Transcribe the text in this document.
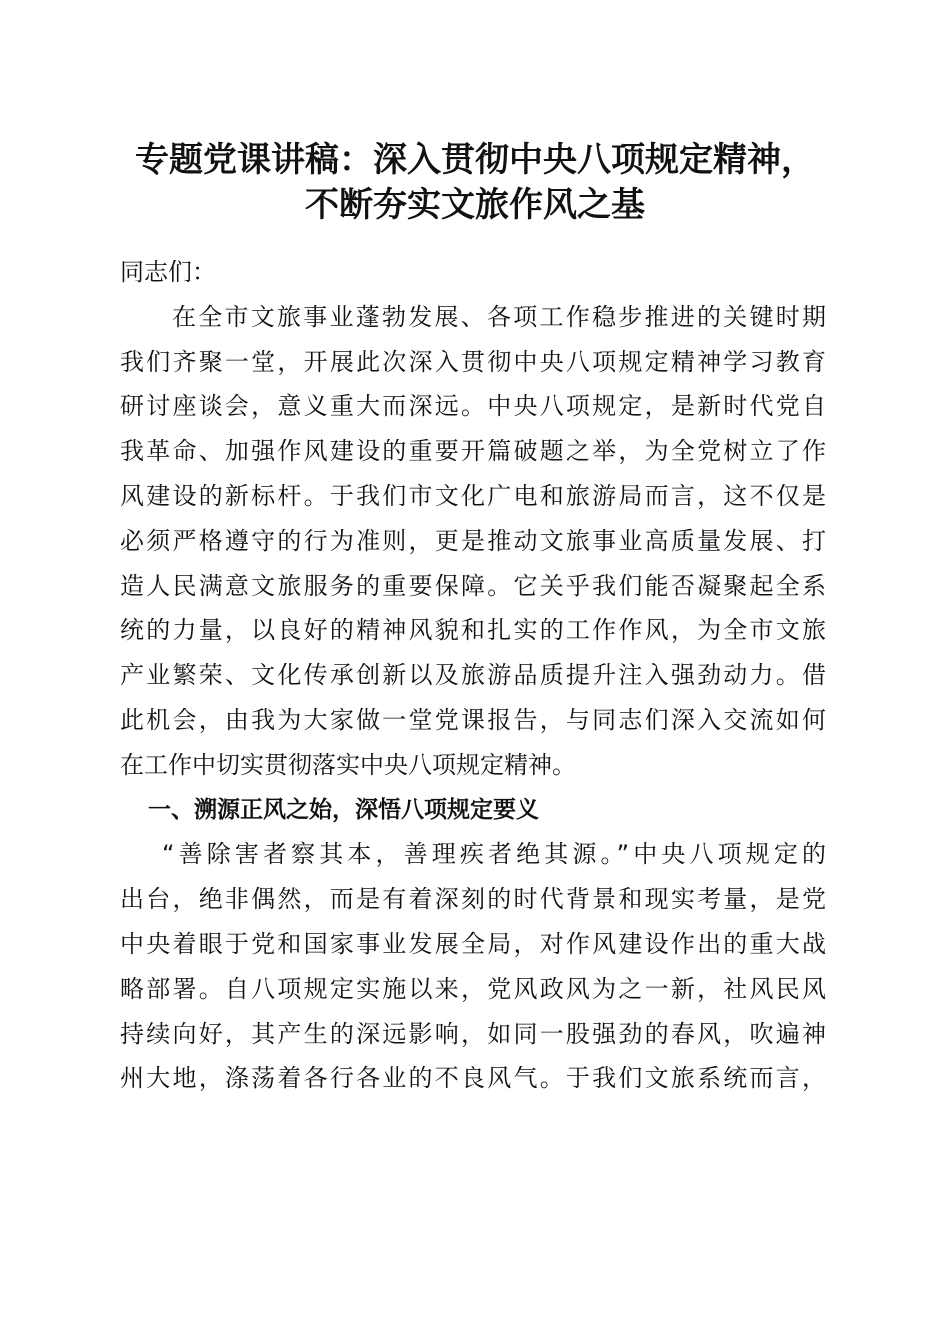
专题党课讲稿：深入贯彻中央八项规定精神，
不断夯实文旅作风之基
同志们：
在全市文旅事业蓬勃发展、各项工作稳步推进的关键时期
我们齐聚一堂，开展此次深入贯彻中央八项规定精神学习教育
研讨座谈会，意义重大而深远。中央八项规定，是新时代党自
我革命、加强作风建设的重要开篇破题之举，为全党树立了作
风建设的新标杆。于我们市文化广电和旅游局而言，这不仅是
必须严格遵守的行为准则，更是推动文旅事业高质量发展、打
造人民满意文旅服务的重要保障。它关乎我们能否凝聚起全系
统的力量，以良好的精神风貌和扎实的工作作风，为全市文旅
产业繁荣、文化传承创新以及旅游品质提升注入强劲动力。借
此机会，由我为大家做一堂党课报告，与同志们深入交流如何
在工作中切实贯彻落实中央八项规定精神。
一、溯源正风之始，深悟八项规定要义
“善除害者察其本，善理疾者绝其源。”中央八项规定的
出台，绝非偶然，而是有着深刻的时代背景和现实考量，是党
中央着眼于党和国家事业发展全局，对作风建设作出的重大战
略部署。自八项规定实施以来，党风政风为之一新，社风民风
持续向好，其产生的深远影响，如同一股强劲的春风，吹遍神
州大地，涤荡着各行各业的不良风气。于我们文旅系统而言，
